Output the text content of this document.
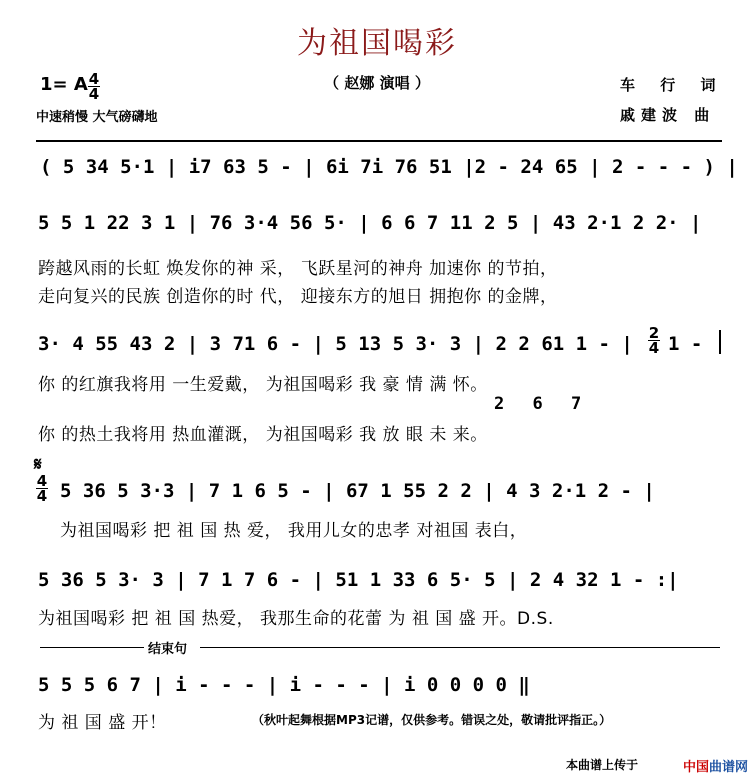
为祖国喝彩
（ 赵娜 演唱 ）
1= A 4
4
中速稍慢 大气磅礴地
车 行 词
戚建波 曲
( 5 34 5·1 | i7 63 5 - | 6i 7i 76 51 |2 - 24 65 | 2 - - - ) |
5 5 1 22 3 1 | 76 3·4 56 5· | 6 6 7 11 2 5 | 43 2·1 2 2· |
跨越风雨的长虹 焕发你的神 采， 飞跃星河的神舟 加速你 的节拍，
走向复兴的民族 创造你的时 代， 迎接东方的旭日 拥抱你 的金牌，
3· 4 55 43 2 | 3 71 6 - | 5 13 5 3· 3 | 2 2 61 1 - | 2
4 1 -
你 的红旗我将用 一生爱戴， 为祖国喝彩 我 豪 情 满 怀。
2 6 7
你 的热土我将用 热血灌溉， 为祖国喝彩 我 放 眼 未 来。
𝄋
4
4 5 36 5 3·3 | 7 1 6 5 - | 67 1 55 2 2 | 4 3 2·1 2 - |
为祖国喝彩 把 祖 国 热 爱， 我用儿女的忠孝 对祖国 表白，
5 36 5 3· 3 | 7 1 7 6 - | 51 1 33 6 5· 5 | 2 4 32 1 - :|
为祖国喝彩 把 祖 国 热爱， 我那生命的花蕾 为 祖 国 盛 开。D.S.
结束句
5 5 5 6 7 | i - - - | i - - - | i 0 0 0 0 ‖
为 祖 国 盛 开！	（秋叶起舞根据MP3记谱，仅供参考。错误之处，敬请批评指正。）
本曲谱上传于	中国曲谱网
